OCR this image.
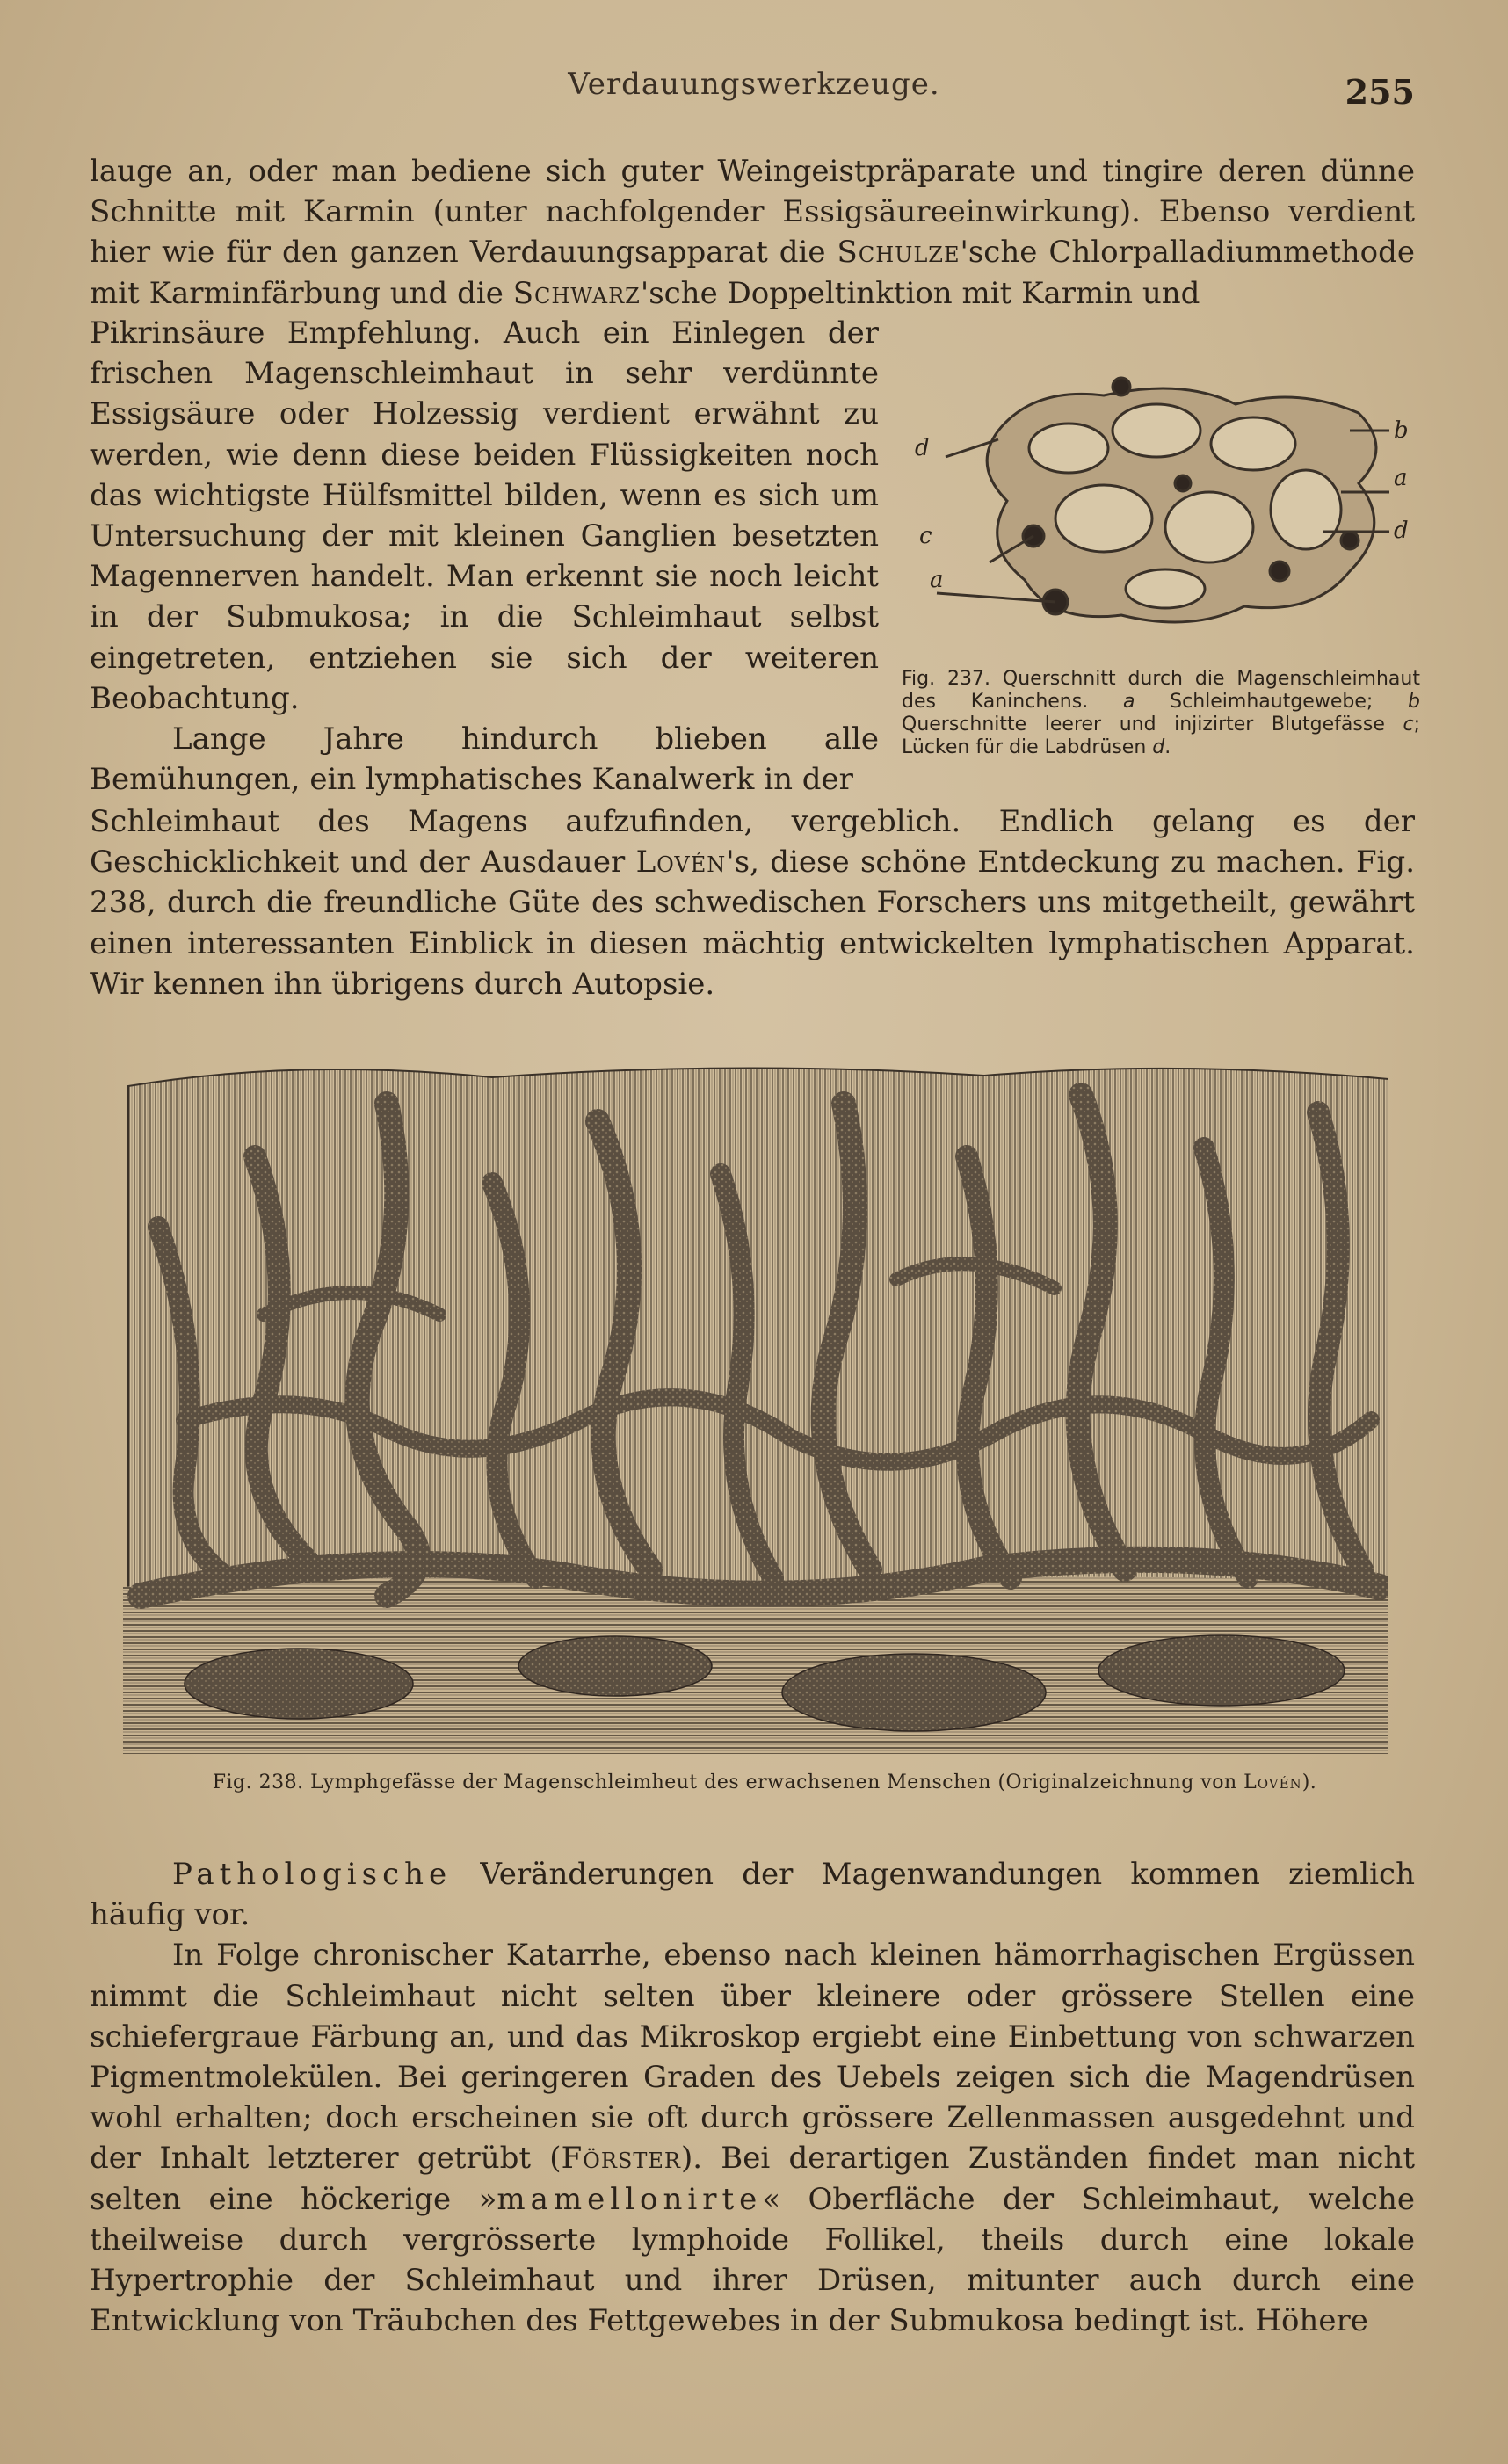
Verdauungswerkzeuge.	255

lauge an, oder man bediene sich guter Weingeistpräparate und tingire deren dünne Schnitte mit Karmin (unter nachfolgender Essigsäureeinwirkung). Ebenso verdient hier wie für den ganzen Verdauungsapparat die Schulze'sche Chlorpalladiummethode mit Karminfärbung und die Schwarz'sche Doppeltinktion mit Karmin und

Pikrinsäure Empfehlung. Auch ein Einlegen der frischen Magenschleimhaut in sehr verdünnte Essigsäure oder Holzessig verdient erwähnt zu werden, wie denn diese beiden Flüssigkeiten noch das wichtigste Hülfsmittel bilden, wenn es sich um Untersuchung der mit kleinen Ganglien besetzten Magennerven handelt. Man erkennt sie noch leicht in der Submukosa; in die Schleimhaut selbst eingetreten, entziehen sie sich der weiteren Beobachtung.

Lange Jahre hindurch blieben alle Bemühungen, ein lymphatisches Kanalwerk in der

b
a
d
d
c
a
Fig. 237. Querschnitt durch die Magenschleimhaut des Kaninchens. a Schleimhautgewebe; b Querschnitte leerer und injizirter Blutgefässe c; Lücken für die Labdrüsen d.

Schleimhaut des Magens aufzufinden, vergeblich. Endlich gelang es der Geschicklichkeit und der Ausdauer Lovén's, diese schöne Entdeckung zu machen. Fig. 238, durch die freundliche Güte des schwedischen Forschers uns mitgetheilt, gewährt einen interessanten Einblick in diesen mächtig entwickelten lymphatischen Apparat. Wir kennen ihn übrigens durch Autopsie.

Fig. 238. Lymphgefässe der Magenschleimheut des erwachsenen Menschen (Originalzeichnung von Lovén).

Pathologische Veränderungen der Magenwandungen kommen ziemlich häufig vor.

In Folge chronischer Katarrhe, ebenso nach kleinen hämorrhagischen Ergüssen nimmt die Schleimhaut nicht selten über kleinere oder grössere Stellen eine schiefergraue Färbung an, und das Mikroskop ergiebt eine Einbettung von schwarzen Pigmentmolekülen. Bei geringeren Graden des Uebels zeigen sich die Magendrüsen wohl erhalten; doch erscheinen sie oft durch grössere Zellenmassen ausgedehnt und der Inhalt letzterer getrübt (Förster). Bei derartigen Zuständen findet man nicht selten eine höckerige »mamellonirte« Oberfläche der Schleimhaut, welche theilweise durch vergrösserte lymphoide Follikel, theils durch eine lokale Hypertrophie der Schleimhaut und ihrer Drüsen, mitunter auch durch eine Entwicklung von Träubchen des Fettgewebes in der Submukosa bedingt ist. Höhere
